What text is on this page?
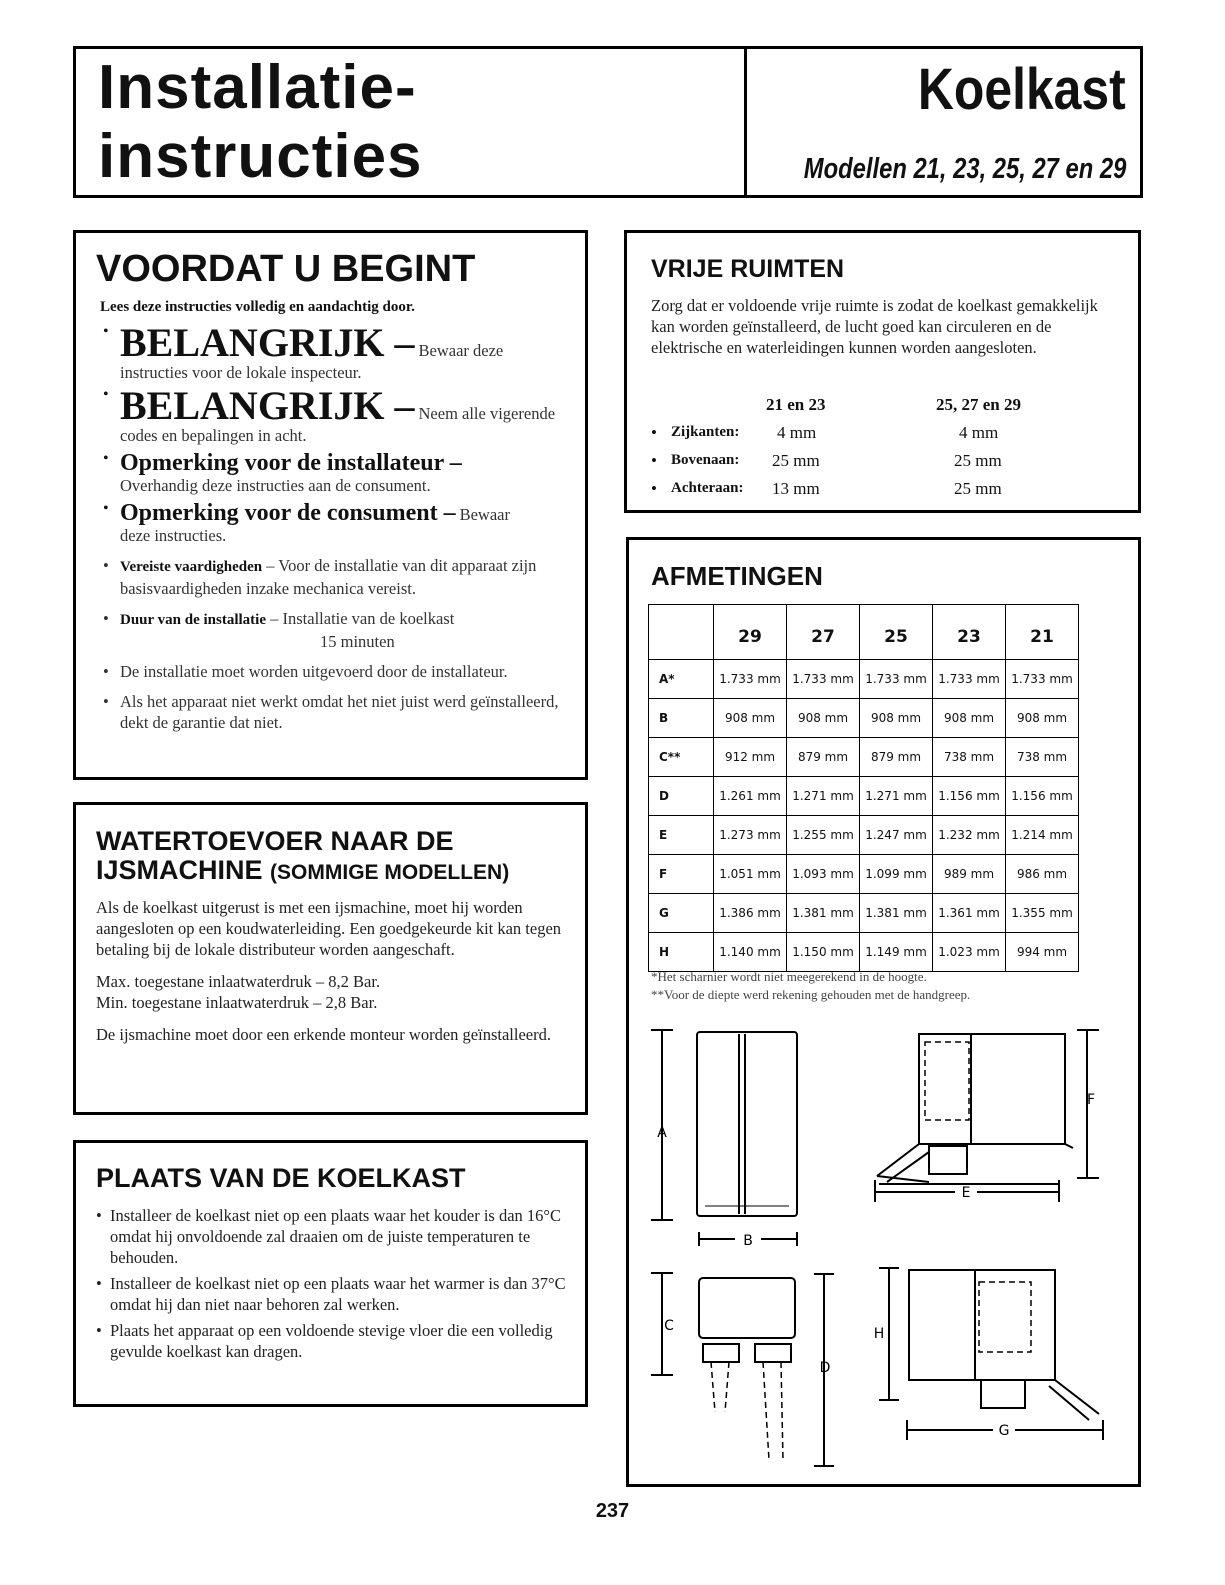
Installatie-
instructies
Koelkast
Modellen 21, 23, 25, 27 en 29
VOORDAT U BEGINT
Lees deze instructies volledig en aandachtig door.
• BELANGRIJK – Bewaar deze
instructies voor de lokale inspecteur.
• BELANGRIJK – Neem alle vigerende
codes en bepalingen in acht.
• Opmerking voor de installateur –
Overhandig deze instructies aan de consument.
• Opmerking voor de consument – Bewaar
deze instructies.
• Vereiste vaardigheden – Voor de installatie van dit apparaat zijn basisvaardigheden inzake mechanica vereist.
• Duur van de installatie – Installatie van de koelkast
15 minuten
• De installatie moet worden uitgevoerd door de installateur.
• Als het apparaat niet werkt omdat het niet juist werd geïnstalleerd, dekt de garantie dat niet.
WATERTOEVOER NAAR DE
IJSMACHINE (SOMMIGE MODELLEN)

Als de koelkast uitgerust is met een ijsmachine, moet hij worden aangesloten op een koudwaterleiding. Een goedgekeurde kit kan tegen betaling bij de lokale distributeur worden aangeschaft.

Max. toegestane inlaatwaterdruk – 8,2 Bar.
Min. toegestane inlaatwaterdruk – 2,8 Bar.

De ijsmachine moet door een erkende monteur worden geïnstalleerd.

PLAATS VAN DE KOELKAST
• Installeer de koelkast niet op een plaats waar het kouder is dan 16°C omdat hij onvoldoende zal draaien om de juiste temperaturen te behouden.
• Installeer de koelkast niet op een plaats waar het warmer is dan 37°C omdat hij dan niet naar behoren zal werken.
• Plaats het apparaat op een voldoende stevige vloer die een volledig gevulde koelkast kan dragen.
VRIJE RUIMTEN
Zorg dat er voldoende vrije ruimte is zodat de koelkast gemakkelijk kan worden geïnstalleerd, de lucht goed kan circuleren en de elektrische en waterleidingen kunnen worden aangesloten.
21 en 23	25, 27 en 29
• Zijkanten: 4 mm	4 mm
• Bovenaan: 25 mm	25 mm
• Achteraan: 13 mm	25 mm
AFMETINGEN
	29	27	25	23	21
A*	1.733 mm	1.733 mm	1.733 mm	1.733 mm	1.733 mm
B	908 mm	908 mm	908 mm	908 mm	908 mm
C**	912 mm	879 mm	879 mm	738 mm	738 mm
D	1.261 mm	1.271 mm	1.271 mm	1.156 mm	1.156 mm
E	1.273 mm	1.255 mm	1.247 mm	1.232 mm	1.214 mm
F	1.051 mm	1.093 mm	1.099 mm	989 mm	986 mm
G	1.386 mm	1.381 mm	1.381 mm	1.361 mm	1.355 mm
H	1.140 mm	1.150 mm	1.149 mm	1.023 mm	994 mm
*Het scharnier wordt niet meegerekend in de hoogte.
**Voor de diepte werd rekening gehouden met de handgreep.
A
B
C
D
F
E
H
G
237
